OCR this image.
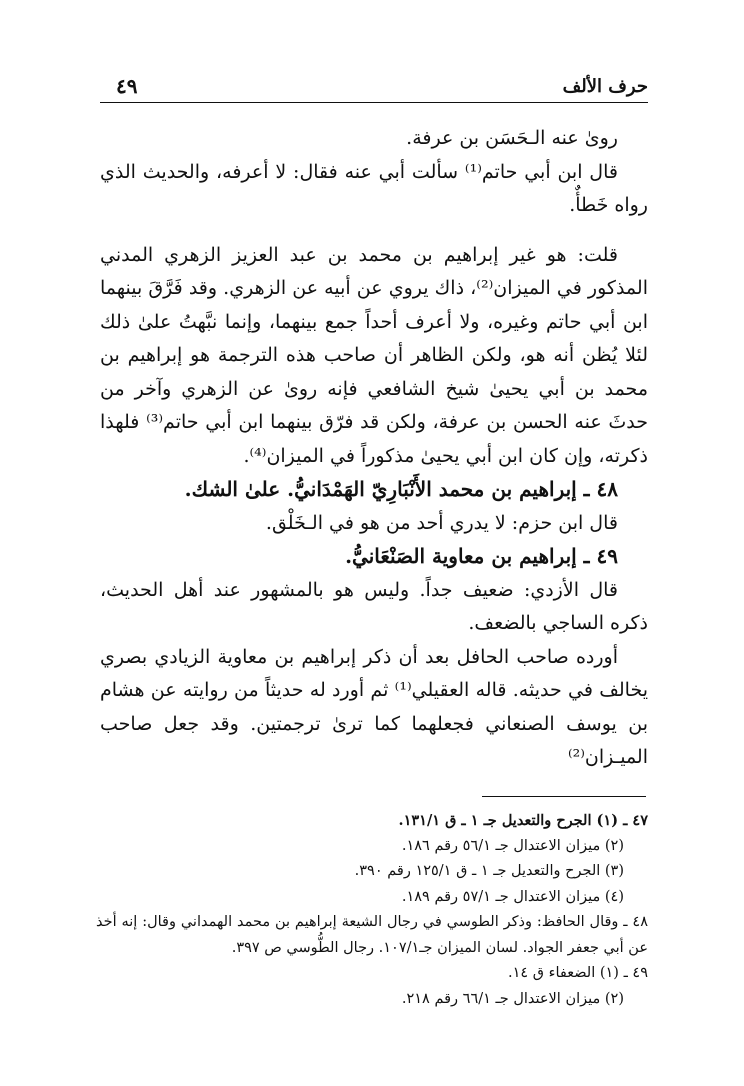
حرف الألف
٤٩

رویٰ عنه الـحَسَن بن عرفة.

قال ابن أبي حاتم⁽¹⁾ سألت أبي عنه فقال: لا أعرفه، والحديث الذي رواه خَطأٌ.

قلت: هو غير إبراهيم بن محمد بن عبد العزيز الزهري المدني المذكور في الميزان⁽²⁾، ذاك يروي عن أبيه عن الزهري. وقد فَرَّقَ بينهما ابن أبي حاتم وغيره، ولا أعرف أحداً جمع بينهما، وإنما نبَّهتُ علىٰ ذلك لئلا يُظن أنه هو، ولكن الظاهر أن صاحب هذه الترجمة هو إبراهيم بن محمد بن أبي يحيىٰ شيخ الشافعي فإنه روىٰ عن الزهري وآخر من حدثَ عنه الحسن بن عرفة، ولكن قد فرّق بينهما ابن أبي حاتم⁽³⁾ فلهذا ذكرته، وإن كان ابن أبي يحيىٰ مذكوراً في الميزان⁽⁴⁾.

٤٨ ـ إبراهيم بن محمد الأَنْبَارِيّ الهَمْدَانيُّ. علىٰ الشك.

قال ابن حزم: لا يدري أحد من هو في الـخَلْق.

٤٩ ـ إبراهيم بن معاوية الصَنْعَانيُّ.

قال الأزدي: ضعيف جداً. وليس هو بالمشهور عند أهل الحديث، ذكره الساجي بالضعف.

أورده صاحب الحافل بعد أن ذكر إبراهيم بن معاوية الزيادي بصري يخالف في حديثه. قاله العقيلي⁽¹⁾ ثم أورد له حديثاً من روايته عن هشام بن يوسف الصنعاني فجعلهما كما ترىٰ ترجمتين. وقد جعل صاحب الميـزان⁽²⁾

٤٧ ـ (١) الجرح والتعديل جـ ١ ـ ق ١٣١/١.

(٢) ميزان الاعتدال جـ ٥٦/١ رقم ١٨٦.

(٣) الجرح والتعديل جـ ١ ـ ق ١٢٥/١ رقم ٣٩٠.

(٤) ميزان الاعتدال جـ ٥٧/١ رقم ١٨٩.

٤٨ ـ وقال الحافظ: وذكر الطوسي في رجال الشيعة إبراهيم بن محمد الهمداني وقال: إنه أخذ عن أبي جعفر الجواد. لسان الميزان جـ١٠٧/١. رجال الطُّوسي ص ٣٩٧.

٤٩ ـ (١) الضعفاء ق ١٤.

(٢) ميزان الاعتدال جـ ٦٦/١ رقم ٢١٨.
